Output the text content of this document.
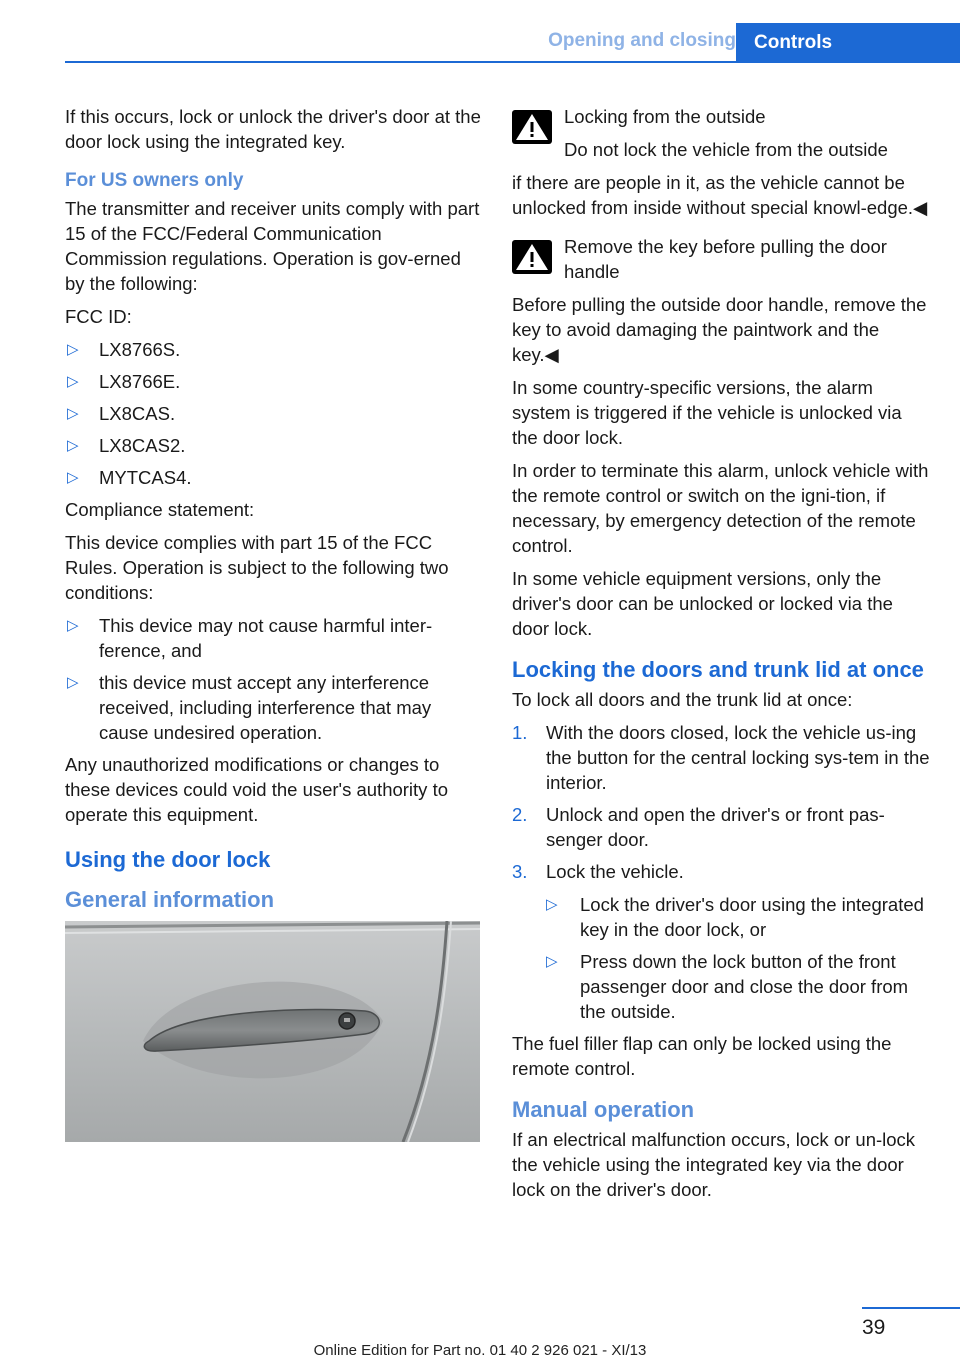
Opening and closing Controls

If this occurs, lock or unlock the driver's door at the door lock using the integrated key.

For US owners only

The transmitter and receiver units comply with part 15 of the FCC/Federal Communication Commission regulations. Operation is gov‐erned by the following:

FCC ID:

▷ LX8766S.
▷ LX8766E.
▷ LX8CAS.
▷ LX8CAS2.
▷ MYTCAS4.

Compliance statement:

This device complies with part 15 of the FCC Rules. Operation is subject to the following two conditions:

▷ This device may not cause harmful inter‐ference, and
▷ this device must accept any interference received, including interference that may cause undesired operation.

Any unauthorized modifications or changes to these devices could void the user's authority to operate this equipment.

Using the door lock
General information

Locking from the outside

Do not lock the vehicle from the outside

if there are people in it, as the vehicle cannot be unlocked from inside without special knowl‐edge.◀

Remove the key before pulling the door handle

Before pulling the outside door handle, remove the key to avoid damaging the paintwork and the key.◀

In some country-specific versions, the alarm system is triggered if the vehicle is unlocked via the door lock.

In order to terminate this alarm, unlock vehicle with the remote control or switch on the igni‐tion, if necessary, by emergency detection of the remote control.

In some vehicle equipment versions, only the driver's door can be unlocked or locked via the door lock.

Locking the doors and trunk lid at once

To lock all doors and the trunk lid at once:

1. With the doors closed, lock the vehicle us‐ing the button for the central locking sys‐tem in the interior.
2. Unlock and open the driver's or front pas‐senger door.
3. Lock the vehicle.
▷ Lock the driver's door using the integrated key in the door lock, or
▷ Press down the lock button of the front passenger door and close the door from the outside.

The fuel filler flap can only be locked using the remote control.

Manual operation

If an electrical malfunction occurs, lock or un‐lock the vehicle using the integrated key via the door lock on the driver's door.

39
Online Edition for Part no. 01 40 2 926 021 - XI/13
